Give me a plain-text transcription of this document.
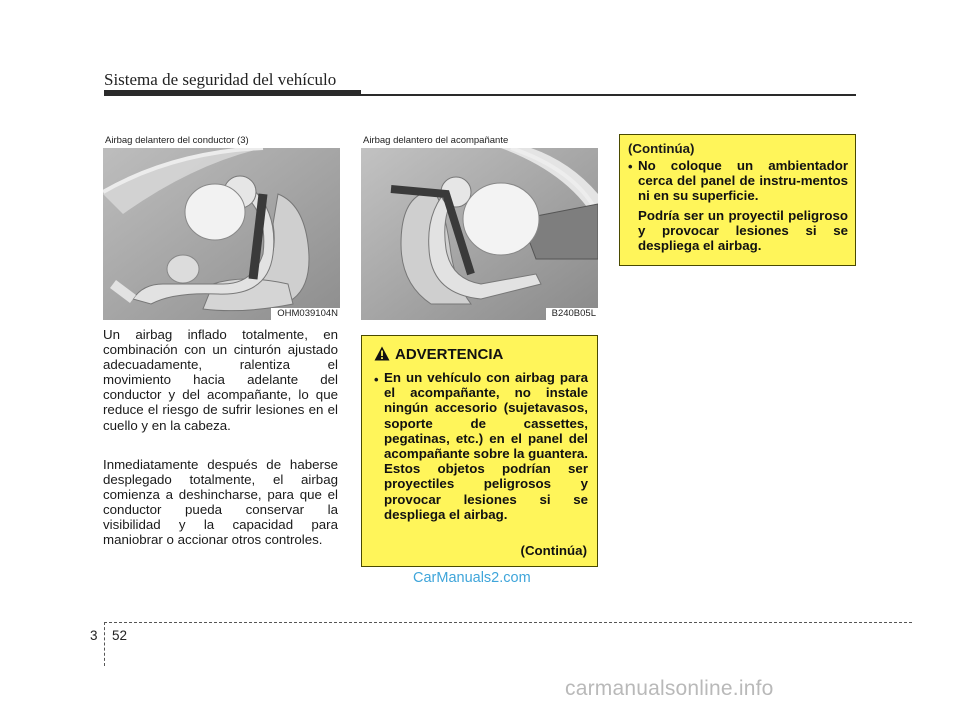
Sistema de seguridad del vehículo
Airbag delantero del conductor (3)
OHM039104N
Airbag delantero del acompañante
B240B05L
Un airbag inflado totalmente, en combinación con un cinturón ajustado adecuadamente, ralentiza el movimiento hacia adelante del conductor y del acompañante, lo que reduce el riesgo de sufrir lesiones en el cuello y en la cabeza.
Inmediatamente después de haberse desplegado totalmente, el airbag comienza a deshincharse, para que el conductor pueda conservar la visibilidad y la capacidad para maniobrar o accionar otros controles.
ADVERTENCIA
• En un vehículo con airbag para el acompañante, no instale ningún accesorio (sujetavasos, soporte de cassettes, pegatinas, etc.) en el panel del acompañante sobre la guantera. Estos objetos podrían ser proyectiles peligrosos y provocar lesiones si se despliega el airbag.
(Continúa)
(Continúa)
• No coloque un ambientador cerca del panel de instru-mentos ni en su superficie.
Podría ser un proyectil peligroso y provocar lesiones si se despliega el airbag.
CarManuals2.com
3 52
carmanualsonline.info
